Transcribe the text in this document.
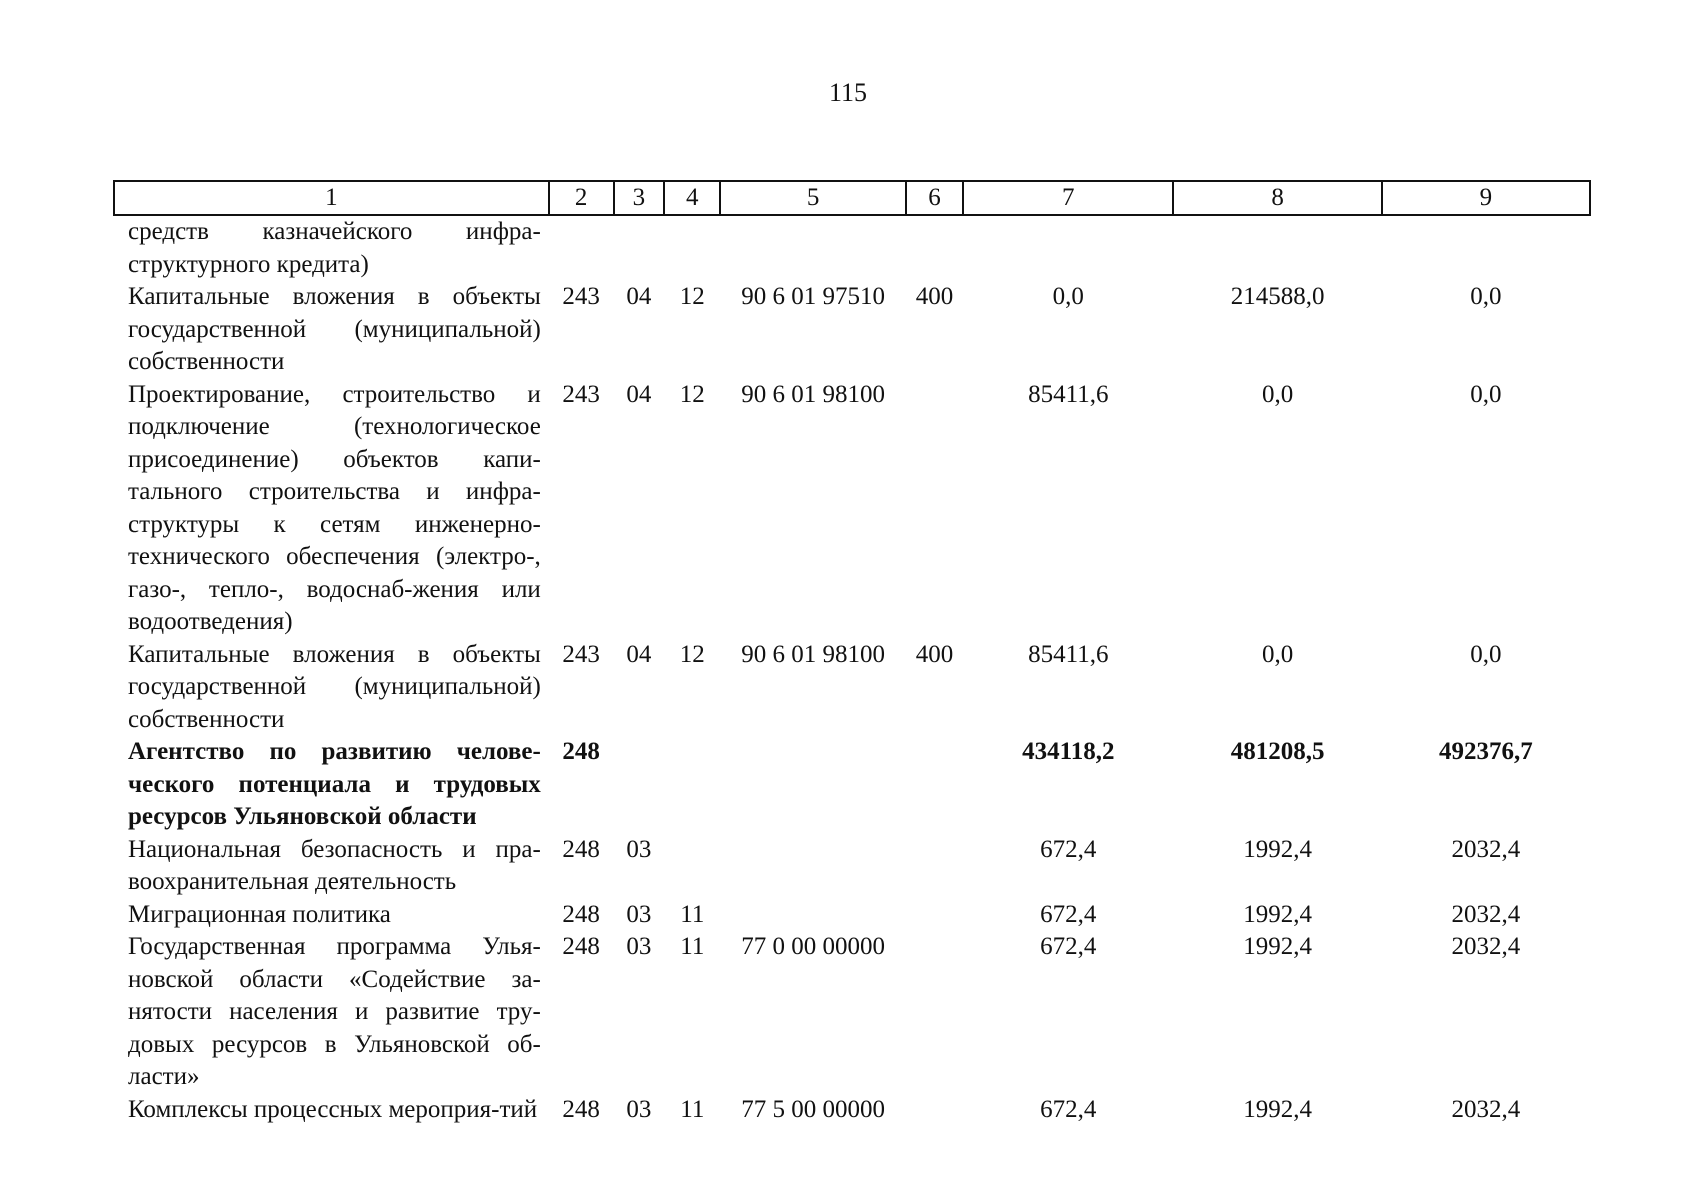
115
1	2	3	4	5	6	7	8	9
средств казначейского инфра-структурного кредита)								
Капитальные вложения в объекты государственной (муниципальной) собственности	243	04	12	90 6 01 97510	400	0,0	214588,0	0,0
Проектирование, строительство и подключение (технологическое присоединение) объектов капи-тального строительства и инфра-структуры к сетям инженерно-технического обеспечения (электро-, газо-, тепло-, водоснаб-жения или водоотведения)	243	04	12	90 6 01 98100		85411,6	0,0	0,0
Капитальные вложения в объекты государственной (муниципальной) собственности	243	04	12	90 6 01 98100	400	85411,6	0,0	0,0
Агентство по развитию челове-ческого потенциала и трудовых ресурсов Ульяновской области	248					434118,2	481208,5	492376,7
Национальная безопасность и пра-воохранительная деятельность	248	03				672,4	1992,4	2032,4
Миграционная политика	248	03	11			672,4	1992,4	2032,4
Государственная программа Улья-новской области «Содействие за-нятости населения и развитие тру-довых ресурсов в Ульяновской об-ласти»	248	03	11	77 0 00 00000		672,4	1992,4	2032,4
Комплексы процессных мероприя-тий	248	03	11	77 5 00 00000		672,4	1992,4	2032,4
